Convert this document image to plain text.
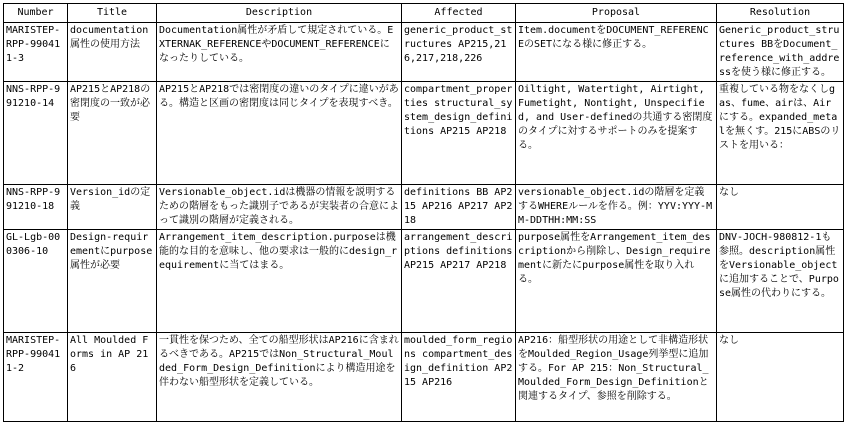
Number	Title	Description	Affected	Proposal	Resolution
MARISTEP-RPP-990411-3	documentation属性の使用方法	Documentation属性が矛盾して規定されている。EXTERNAK_REFERENCEやDOCUMENT_REFERENCEになったりしている。	generic_product_structures AP215,216,217,218,226	Item.documentをDOCUMENT_REFERENCEのSETになる様に修正する。	Generic_product_structures BBをDocument_reference_with_addressを使う様に修正する。
NNS-RPP-991210-14	AP215とAP218の密閉度の一致が必要	AP215とAP218では密閉度の違いのタイプに違いがある。構造と区画の密閉度は同じタイプを表現すべき。	compartment_properties structural_system_design_definitions AP215 AP218	Oiltight, Watertight, Airtight, Fumetight, Nontight, Unspecified, and User-definedの共通する密閉度のタイプに対するサポートのみを提案する。	重複している物をなくしgas、fume、airは、Airにする。expanded_metalを無くす。215にABSのリストを用いる：
NNS-RPP-991210-18	Version_idの定義	Versionable_object.idは機器の情報を説明するための階層をもった識別子であるが実装者の合意によって識別の階層が定義される。	definitions BB AP215 AP216 AP217 AP218	versionable_object.idの階層を定義するWHEREルールを作る。例：YYV:YYY-MM-DDTHH:MM:SS	なし
GL-Lgb-000306-10	Design-requirementにpurpose属性が必要	Arrangement_item_description.purposeは機能的な目的を意味し、他の要求は一般的にdesign_requirementに当てはまる。	arrangement_descriptions definitions AP215 AP217 AP218	purpose属性をArrangement_item_descriptionから削除し、Design_requirementに新たにpurpose属性を取り入れる。	DNV-JOCH-980812-1も参照。description属性をVersionable_objectに追加することで、Purpose属性の代わりにする。
MARISTEP-RPP-990411-2	All Moulded Forms in AP 216	一貫性を保つため、全ての船型形状はAP216に含まれるべきである。AP215ではNon_Structural_Moulded_Form_Design_Definitionにより構造用途を伴わない船型形状を定義している。	moulded_form_regions compartment_design_definition AP215 AP216	AP216：船型形状の用途として非構造形状をMoulded_Region_Usage列挙型に追加する。For AP 215：Non_Structural_Moulded_Form_Design_Definitionと関連するタイプ、参照を削除する。	なし
